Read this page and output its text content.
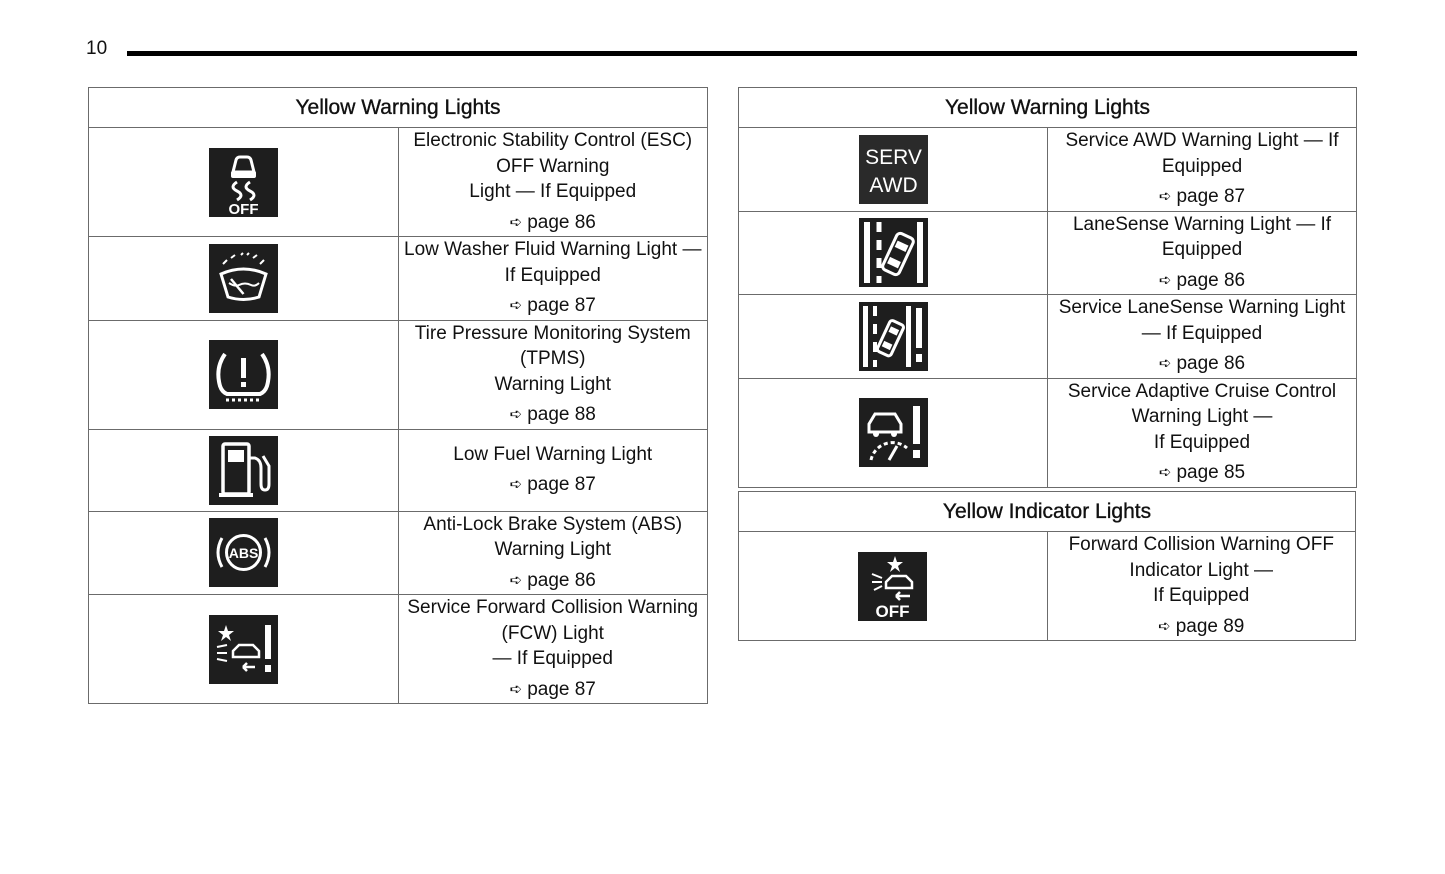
10
Yellow Warning Lights	

OFF	Electronic Stability Control (ESC) OFF Warning
Light — If Equipped
➪ page 86

	Low Washer Fluid Warning Light — If Equipped
➪ page 87

	Tire Pressure Monitoring System (TPMS)
Warning Light
➪ page 88

	Low Fuel Warning Light
➪ page 87

ABS	Anti-Lock Brake System (ABS) Warning Light
➪ page 86

	Service Forward Collision Warning (FCW) Light
— If Equipped
➪ page 87
Yellow Warning Lights	

SERV
AWD	Service AWD Warning Light — If Equipped
➪ page 87

	LaneSense Warning Light — If Equipped
➪ page 86

	Service LaneSense Warning Light — If Equipped
➪ page 86

	Service Adaptive Cruise Control Warning Light —
If Equipped
➪ page 85
Yellow Indicator Lights

OFF
	Forward Collision Warning OFF Indicator Light —
If Equipped
➪ page 89
